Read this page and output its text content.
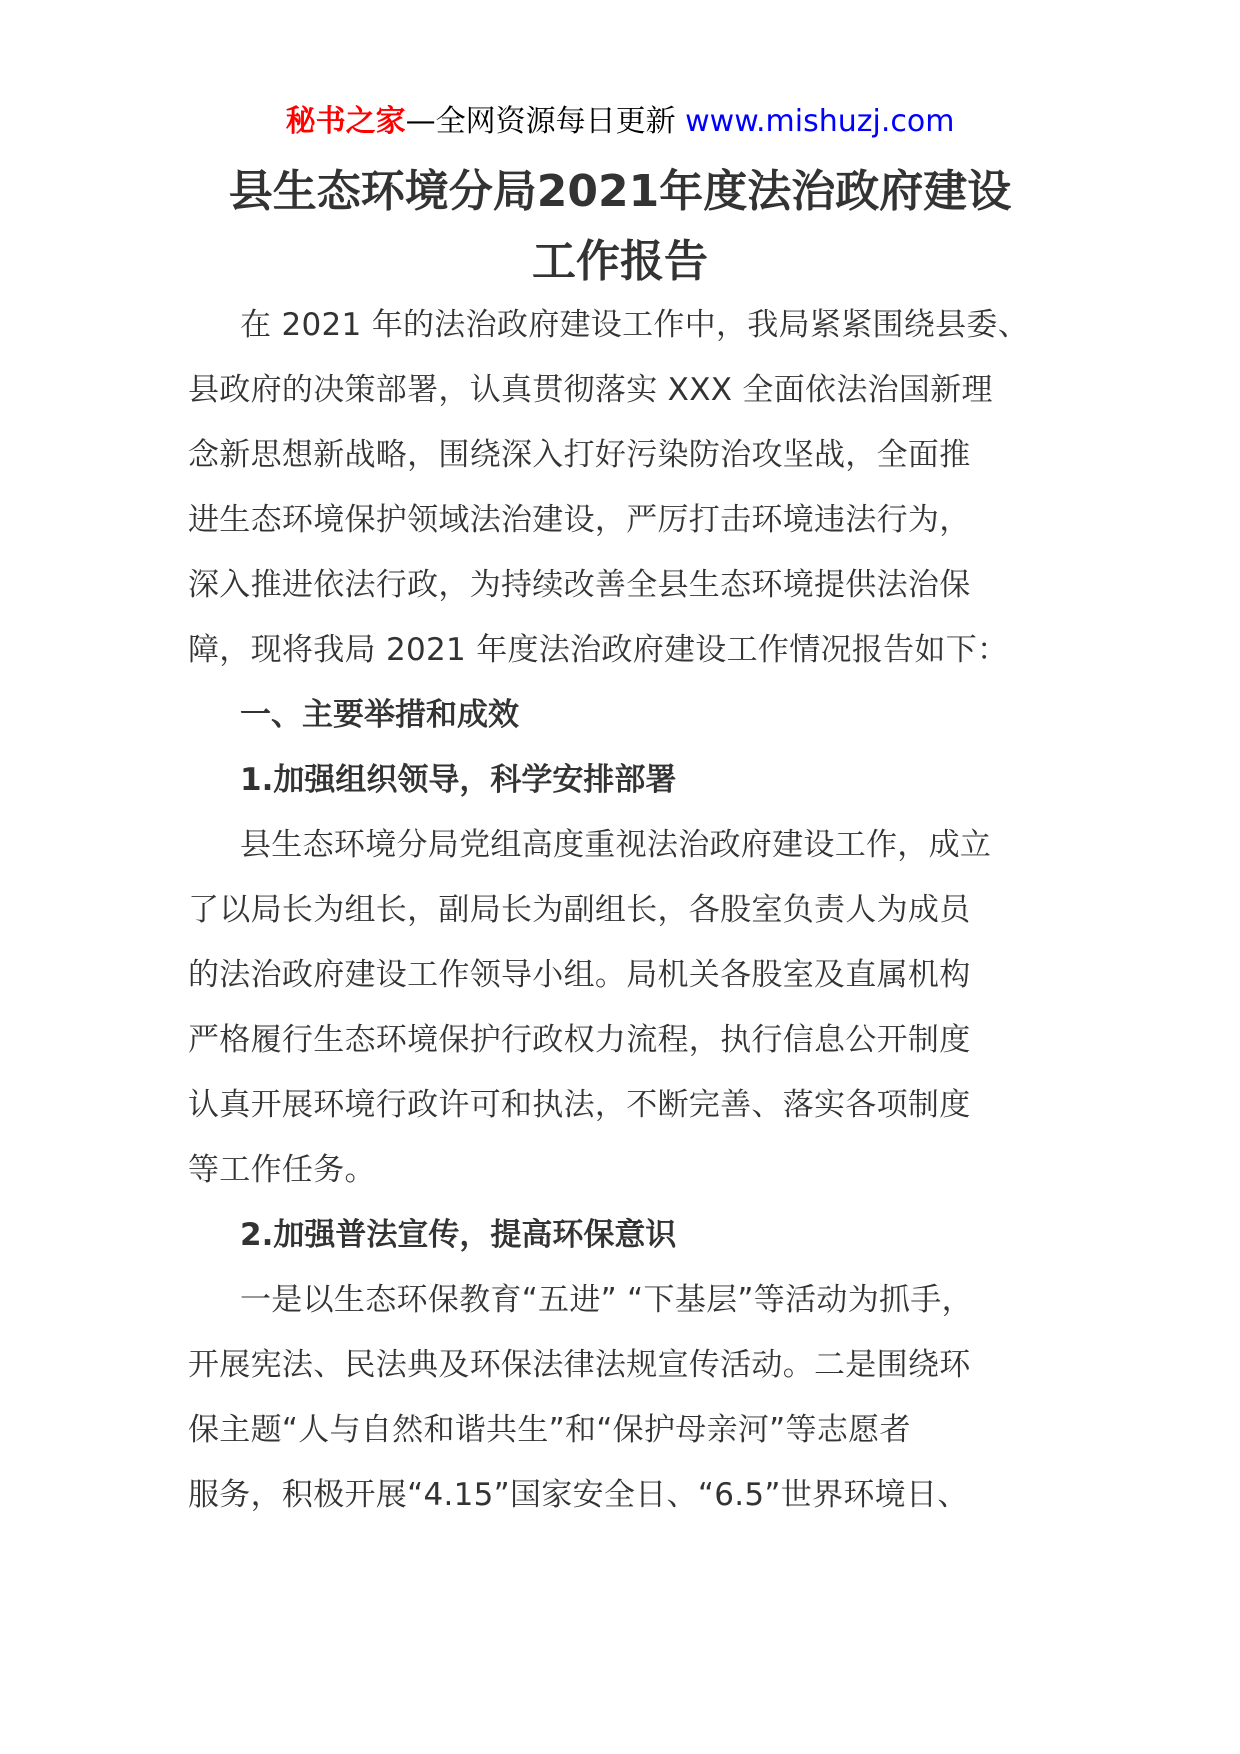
秘书之家—全网资源每日更新 www.mishuzj.com
县生态环境分局2021年度法治政府建设
工作报告

在 2021 年的法治政府建设工作中，我局紧紧围绕县委、
县政府的决策部署，认真贯彻落实 XXX 全面依法治国新理
念新思想新战略，围绕深入打好污染防治攻坚战，全面推
进生态环境保护领域法治建设，严厉打击环境违法行为，
深入推进依法行政，为持续改善全县生态环境提供法治保
障，现将我局 2021 年度法治政府建设工作情况报告如下：

一、主要举措和成效

1.加强组织领导，科学安排部署

县生态环境分局党组高度重视法治政府建设工作，成立
了以局长为组长，副局长为副组长，各股室负责人为成员
的法治政府建设工作领导小组。局机关各股室及直属机构
严格履行生态环境保护行政权力流程，执行信息公开制度
认真开展环境行政许可和执法，不断完善、落实各项制度
等工作任务。

2.加强普法宣传，提高环保意识

一是以生态环保教育“五进” “下基层”等活动为抓手，
开展宪法、民法典及环保法律法规宣传活动。二是围绕环
保主题“人与自然和谐共生”和“保护母亲河”等志愿者
服务，积极开展“4.15”国家安全日、“6.5”世界环境日、
